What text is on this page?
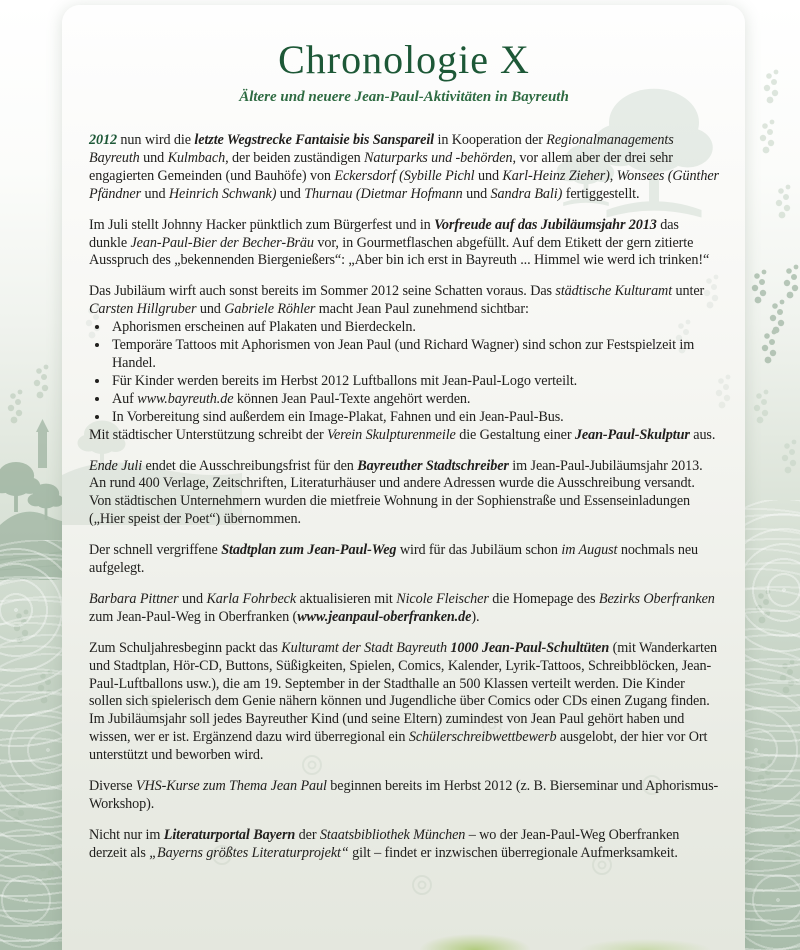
Chronologie X
Ältere und neuere Jean-Paul-Aktivitäten in Bayreuth

2012 nun wird die letzte Wegstrecke Fantaisie bis Sanspareil in Kooperation der Regionalmanagements Bayreuth und Kulmbach, der beiden zuständigen Naturparks und -behörden, vor allem aber der drei sehr engagierten Gemeinden (und Bauhöfe) von Eckersdorf (Sybille Pichl und Karl-Heinz Zieher), Wonsees (Günther Pfändner und Heinrich Schwank) und Thurnau (Dietmar Hofmann und Sandra Bali) fertiggestellt.

Im Juli stellt Johnny Hacker pünktlich zum Bürgerfest und in Vorfreude auf das Jubiläumsjahr 2013 das dunkle Jean-Paul-Bier der Becher-Bräu vor, in Gourmetflaschen abgefüllt. Auf dem Etikett der gern zitierte Ausspruch des „bekennenden Biergenießers“: „Aber bin ich erst in Bayreuth ... Himmel wie werd ich trinken!“

Das Jubiläum wirft auch sonst bereits im Sommer 2012 seine Schatten voraus. Das städtische Kulturamt unter Carsten Hillgruber und Gabriele Röhler macht Jean Paul zunehmend sichtbar:

• Aphorismen erscheinen auf Plakaten und Bierdeckeln.
• Temporäre Tattoos mit Aphorismen von Jean Paul (und Richard Wagner) sind schon zur Festspielzeit im Handel.
• Für Kinder werden bereits im Herbst 2012 Luftballons mit Jean-Paul-Logo verteilt.
• Auf www.bayreuth.de können Jean Paul-Texte angehört werden.
• In Vorbereitung sind außerdem ein Image-Plakat, Fahnen und ein Jean-Paul-Bus.

Mit städtischer Unterstützung schreibt der Verein Skulpturenmeile die Gestaltung einer Jean-Paul-Skulptur aus.

Ende Juli endet die Ausschreibungsfrist für den Bayreuther Stadtschreiber im Jean-Paul-Jubiläumsjahr 2013. An rund 400 Verlage, Zeitschriften, Literaturhäuser und andere Adressen wurde die Ausschreibung versandt. Von städtischen Unternehmern wurden die mietfreie Wohnung in der Sophienstraße und Essenseinladungen („Hier speist der Poet“) übernommen.

Der schnell vergriffene Stadtplan zum Jean-Paul-Weg wird für das Jubiläum schon im August nochmals neu aufgelegt.

Barbara Pittner und Karla Fohrbeck aktualisieren mit Nicole Fleischer die Homepage des Bezirks Oberfranken zum Jean-Paul-Weg in Oberfranken (www.jeanpaul-oberfranken.de).

Zum Schuljahresbeginn packt das Kulturamt der Stadt Bayreuth 1000 Jean-Paul-Schultüten (mit Wanderkarten und Stadtplan, Hör-CD, Buttons, Süßigkeiten, Spielen, Comics, Kalender, Lyrik-Tattoos, Schreibblöcken, Jean-Paul-Luftballons usw.), die am 19. September in der Stadthalle an 500 Klassen verteilt werden. Die Kinder sollen sich spielerisch dem Genie nähern können und Jugendliche über Comics oder CDs einen Zugang finden.

Im Jubiläumsjahr soll jedes Bayreuther Kind (und seine Eltern) zumindest von Jean Paul gehört haben und wissen, wer er ist. Ergänzend dazu wird überregional ein Schülerschreibwettbewerb ausgelobt, der hier vor Ort unterstützt und beworben wird.

Diverse VHS-Kurse zum Thema Jean Paul beginnen bereits im Herbst 2012 (z. B. Bierseminar und Aphorismus-Workshop).

Nicht nur im Literaturportal Bayern der Staatsbibliothek München – wo der Jean-Paul-Weg Oberfranken derzeit als „Bayerns größtes Literaturprojekt“ gilt – findet er inzwischen überregionale Aufmerksamkeit.
